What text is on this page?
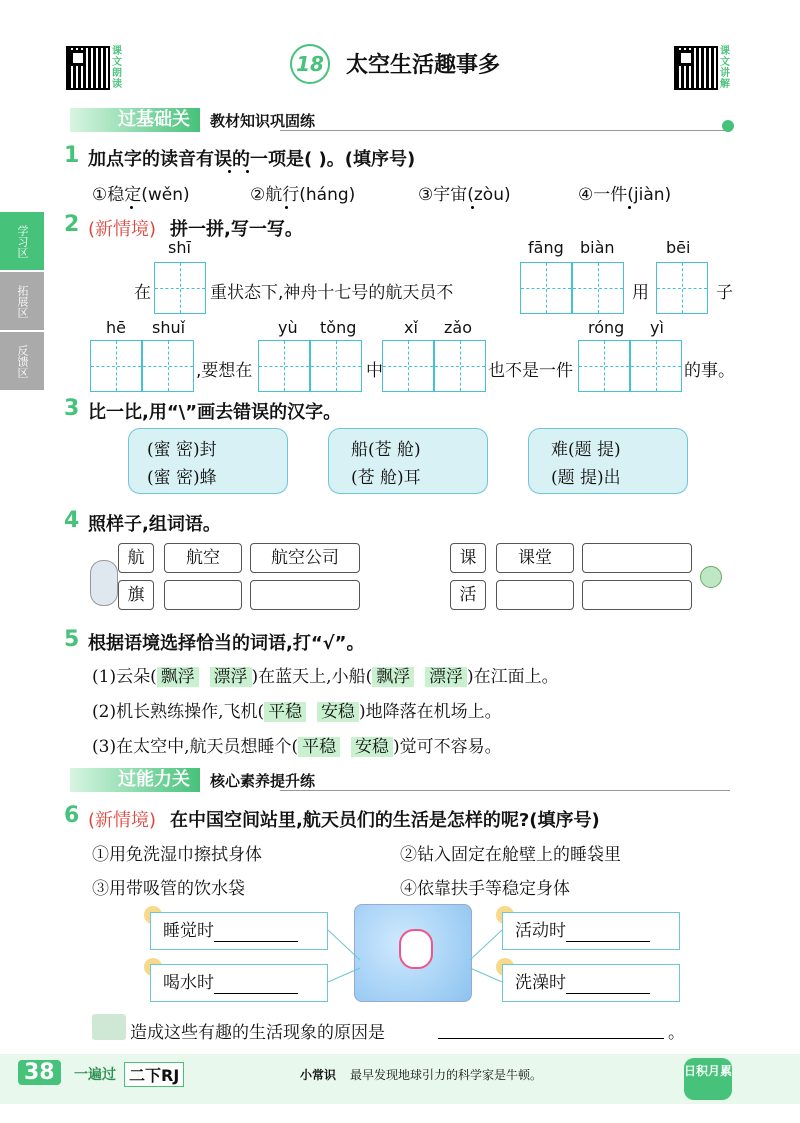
课文朗读
18 太空生活趣事多
课文讲解
过基础关	教材知识巩固练
学习区
拓展区
反馈区
1 加点字的读音有误的一项是( )。(填序号)
①稳定(wěn)	②航行(háng)	③宇宙(zòu)	④一件(jiàn)
2 (新情境) 拼一拼,写一写。
shī	fāng biàn	bēi
在	重状态下,神舟十七号的航天员不	用	子
hē shuǐ	yù tǒng	xǐ zǎo	róng yì
,要想在	中	也不是一件	的事。
3 比一比,用“\”画去错误的汉字。
(蜜 密)封
(蜜 密)蜂
船(苍 舱)
(苍 舱)耳
难(题 提)
(题 提)出
4 照样子,组词语。
航	航空	航空公司
旗
课	课堂
活
5 根据语境选择恰当的词语,打“√”。
(1)云朵( 飘浮 漂浮 )在蓝天上,小船( 飘浮 漂浮 )在江面上。
(2)机长熟练操作,飞机( 平稳 安稳 )地降落在机场上。
(3)在太空中,航天员想睡个( 平稳 安稳 )觉可不容易。
过能力关	核心素养提升练
6 (新情境) 在中国空间站里,航天员们的生活是怎样的呢?(填序号)
①用免洗湿巾擦拭身体	②钻入固定在舱壁上的睡袋里
③用带吸管的饮水袋	④依靠扶手等稳定身体
睡觉时
喝水时
活动时
洗澡时
造成这些有趣的生活现象的原因是	。
38	一遍过 二下RJ	小常识 最早发现地球引力的科学家是牛顿。	日积月累
